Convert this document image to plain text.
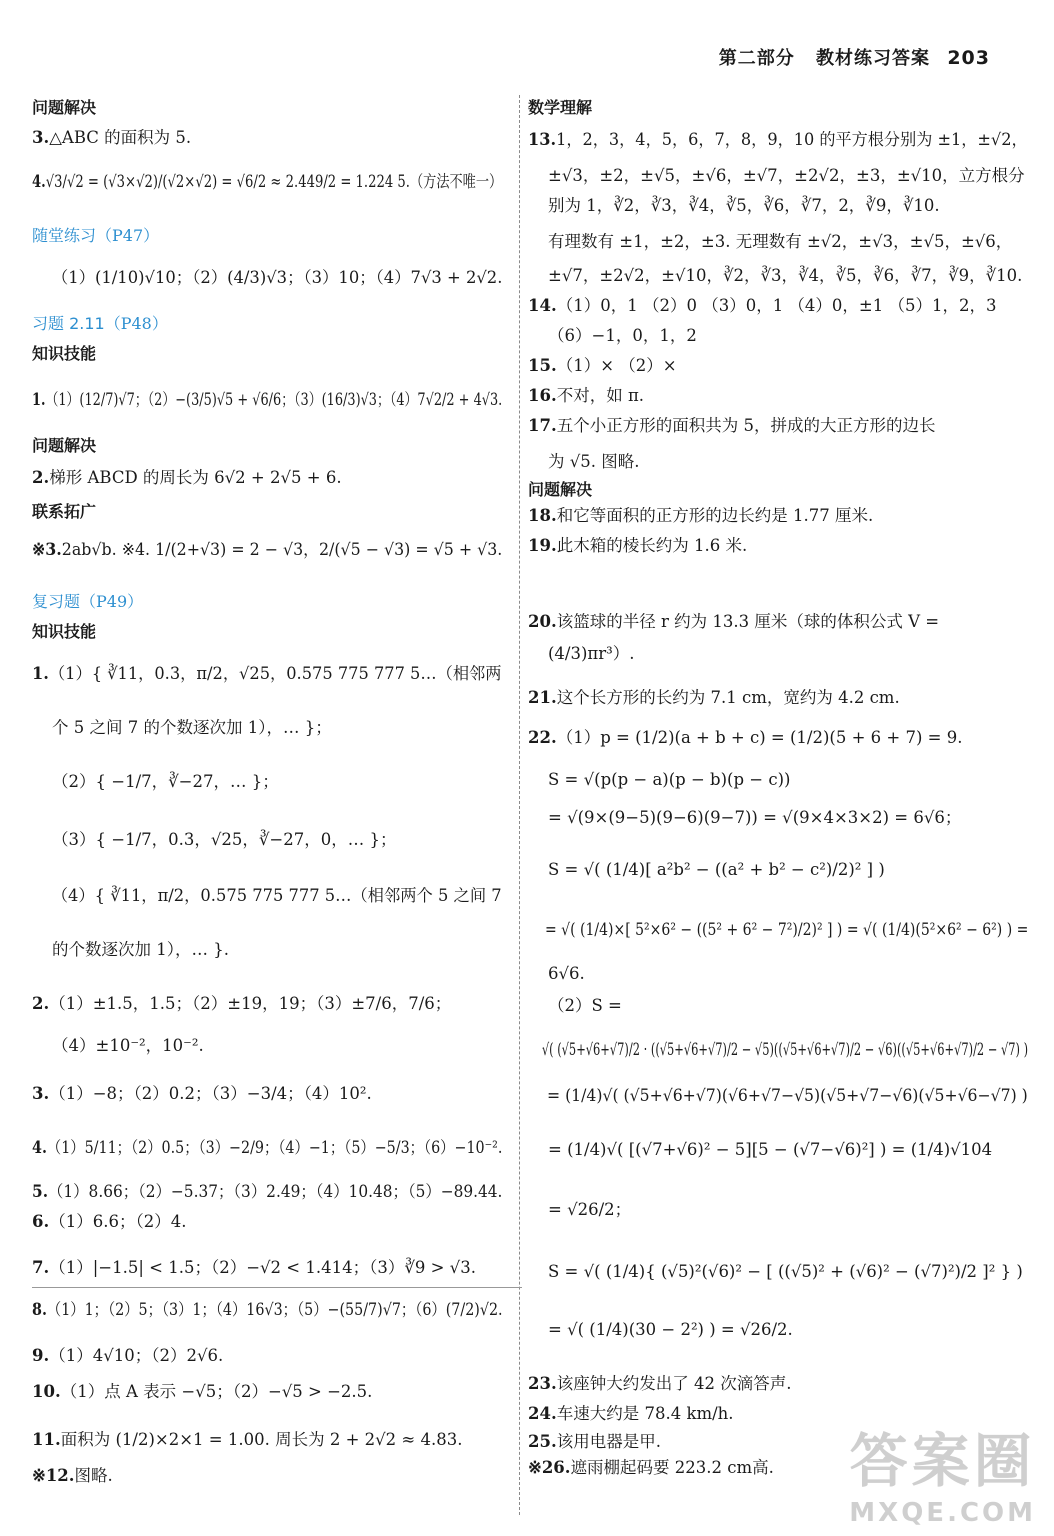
第二部分 教材练习答案 203
问题解决
3.△ABC 的面积为 5.
4.√3/√2 = (√3×√2)/(√2×√2) = √6/2 ≈ 2.449/2 = 1.224 5.（方法不唯一）
随堂练习（P47）
（1）(1/10)√10；（2）(4/3)√3；（3）10；（4）7√3 + 2√2.
习题 2.11（P48）
知识技能
1.（1）(12/7)√7；（2）−(3/5)√5 + √6/6；（3）(16/3)√3；（4）7√2/2 + 4√3.
问题解决
2.梯形 ABCD 的周长为 6√2 + 2√5 + 6.
联系拓广
※3.2ab√b. ※4. 1/(2+√3) = 2 − √3，2/(√5 − √3) = √5 + √3.
复习题（P49）
知识技能
1.（1）{ ∛11，0.3，π/2，√25，0.575 775 777 5…（相邻两
个 5 之间 7 的个数逐次加 1），… }；
（2）{ −1/7，∛−27，… }；
（3）{ −1/7，0.3，√25，∛−27，0，… }；
（4）{ ∛11，π/2，0.575 775 777 5…（相邻两个 5 之间 7
的个数逐次加 1），… }.
2.（1）±1.5，1.5；（2）±19，19；（3）±7/6，7/6；
（4）±10⁻²，10⁻².
3.（1）−8；（2）0.2；（3）−3/4；（4）10².
4.（1）5/11；（2）0.5；（3）−2/9；（4）−1；（5）−5/3；（6）−10⁻².
5.（1）8.66；（2）−5.37；（3）2.49；（4）10.48；（5）−89.44.
6.（1）6.6；（2）4.
7.（1）|−1.5| < 1.5̇；（2）−√2 < 1.414；（3）∛9 > √3.
8.（1）1；（2）5；（3）1；（4）16√3；（5）−(55/7)√7；（6）(7/2)√2.
9.（1）4√10；（2）2√6.
10.（1）点 A 表示 −√5；（2）−√5 > −2.5.
11.面积为 (1/2)×2×1 = 1.00. 周长为 2 + 2√2 ≈ 4.83.
※12.图略.
数学理解
13.1，2，3，4，5，6，7，8，9，10 的平方根分别为 ±1，±√2，
±√3，±2，±√5，±√6，±√7，±2√2，±3，±√10，立方根分
别为 1，∛2，∛3，∛4，∛5，∛6，∛7，2，∛9，∛10.
有理数有 ±1，±2，±3. 无理数有 ±√2，±√3，±√5，±√6，
±√7，±2√2，±√10，∛2，∛3，∛4，∛5，∛6，∛7，∛9，∛10.
14.（1）0，1 （2）0 （3）0，1 （4）0，±1 （5）1，2，3
（6）−1，0，1，2
15.（1）× （2）×
16.不对，如 π.
17.五个小正方形的面积共为 5，拼成的大正方形的边长
为 √5. 图略.
问题解决
18.和它等面积的正方形的边长约是 1.77 厘米.
19.此木箱的棱长约为 1.6 米.
20.该篮球的半径 r 约为 13.3 厘米（球的体积公式 V =
(4/3)πr³）.
21.这个长方形的长约为 7.1 cm，宽约为 4.2 cm.
22.（1）p = (1/2)(a + b + c) = (1/2)(5 + 6 + 7) = 9.
S = √(p(p − a)(p − b)(p − c))
= √(9×(9−5)(9−6)(9−7)) = √(9×4×3×2) = 6√6；
S = √( (1/4)[ a²b² − ((a² + b² − c²)/2)² ] )
= √( (1/4)×[ 5²×6² − ((5² + 6² − 7²)/2)² ] ) = √( (1/4)(5²×6² − 6²) ) =
6√6.
（2）S =
√( (√5+√6+√7)/2 · ((√5+√6+√7)/2 − √5)((√5+√6+√7)/2 − √6)((√5+√6+√7)/2 − √7) )
= (1/4)√( (√5+√6+√7)(√6+√7−√5)(√5+√7−√6)(√5+√6−√7) )
= (1/4)√( [(√7+√6)² − 5][5 − (√7−√6)²] ) = (1/4)√104
= √26/2；
S = √( (1/4){ (√5)²(√6)² − [ ((√5)² + (√6)² − (√7)²)/2 ]² } )
= √( (1/4)(30 − 2²) ) = √26/2.
23.该座钟大约发出了 42 次滴答声.
24.车速大约是 78.4 km/h.
25.该用电器是甲.
※26.遮雨棚起码要 223.2 cm高. 答案圈
MXQE.COM
